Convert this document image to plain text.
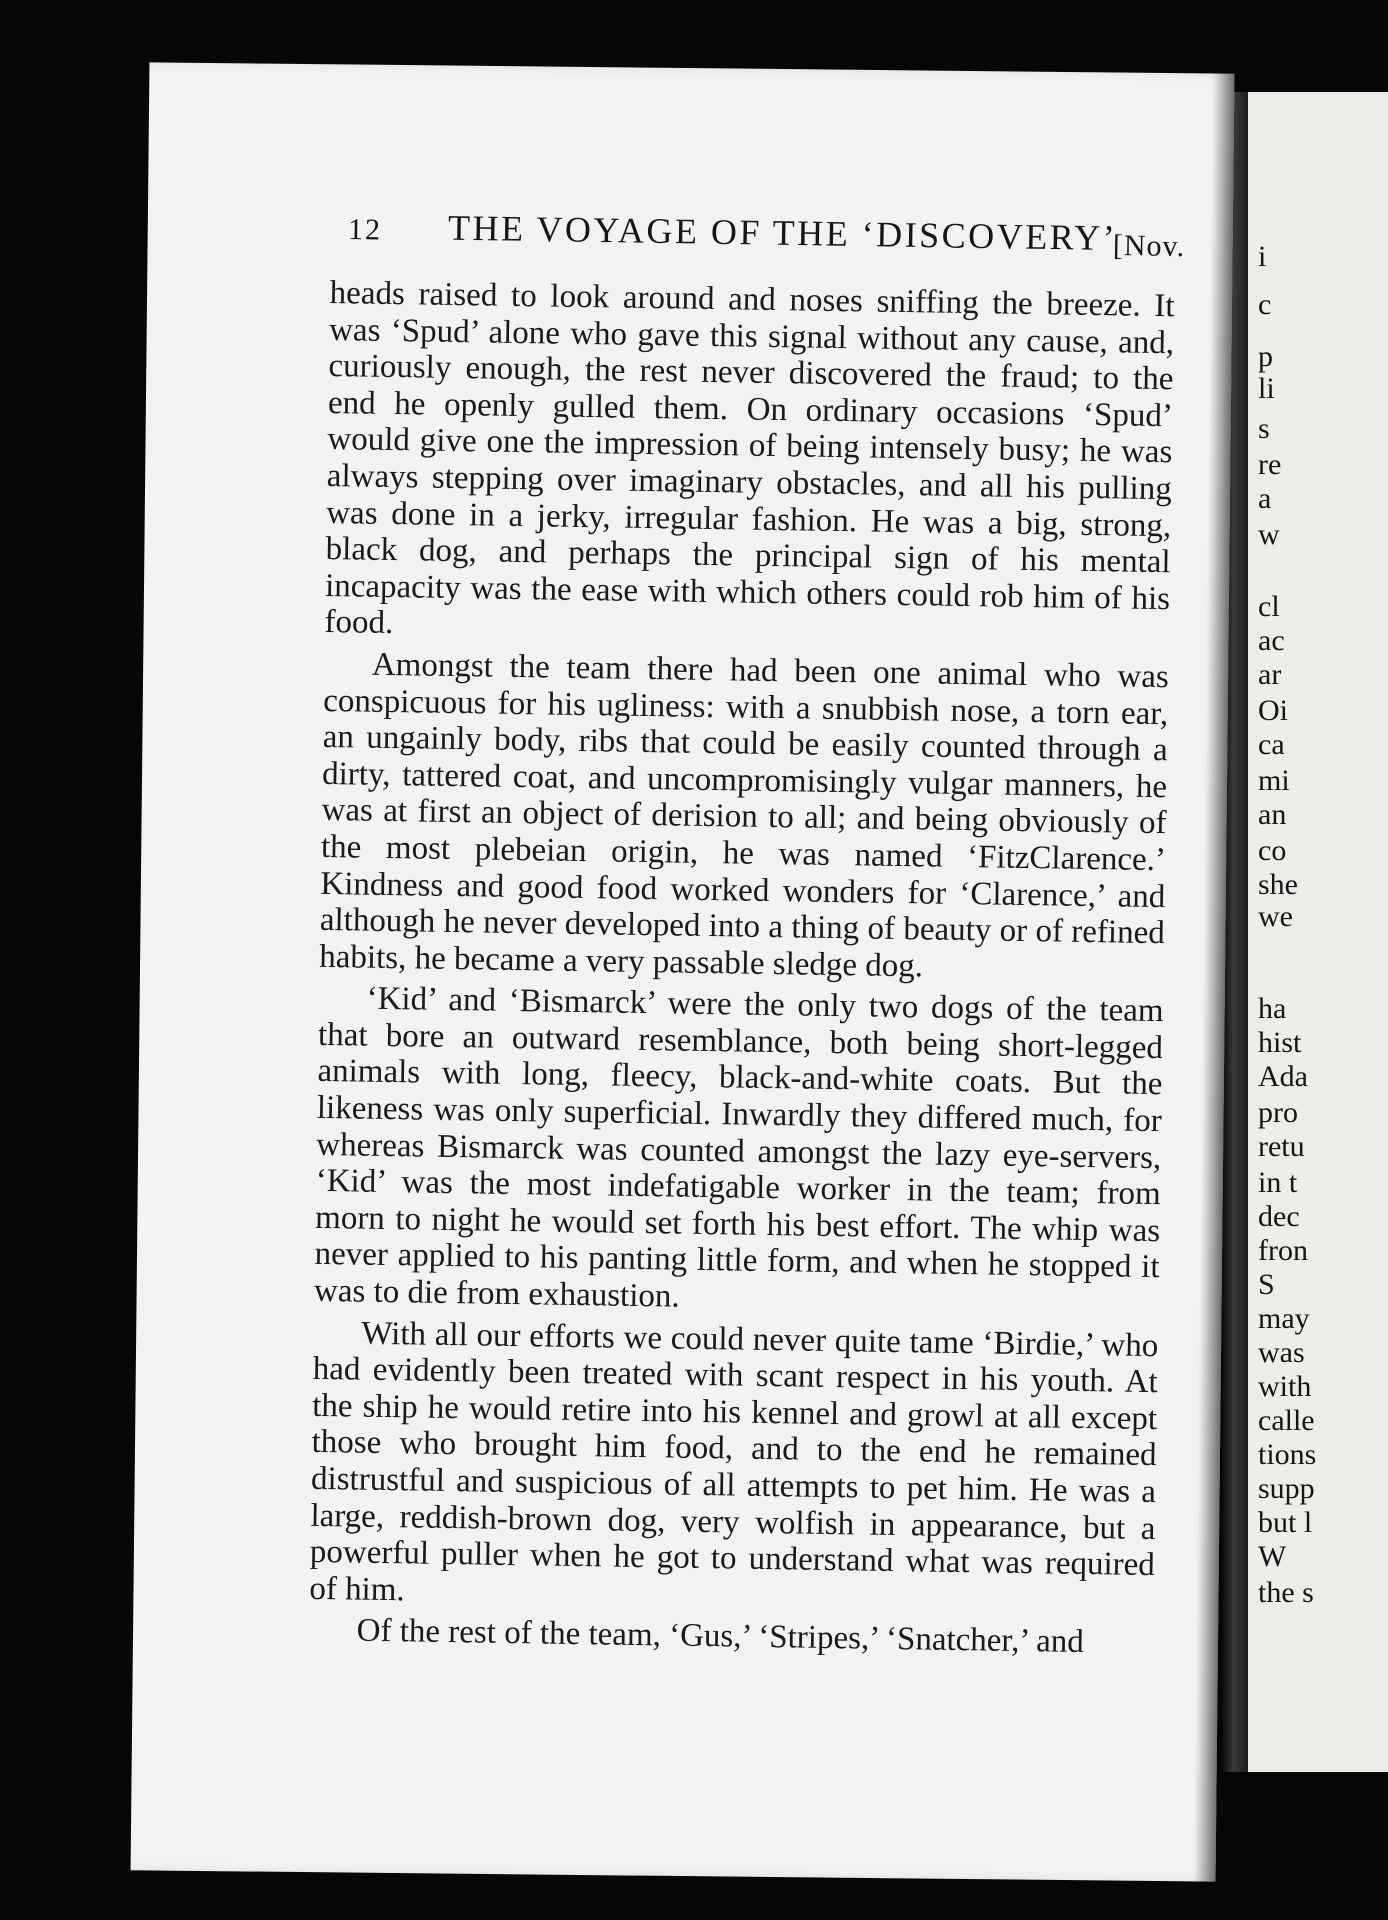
i
c
p
li
s
re
a
w
cl
ac
ar
Oi
ca
mi
an
co
she
we
ha
hist
Ada
pro
retu
in t
dec
fron
S
may
was
with
calle
tions
supp
but l
W
the s
12 THE VOYAGE OF THE ‘DISCOVERY’
[Nov.

heads raised to look around and noses sniffing the breeze. It was ‘Spud’ alone who gave this signal without any cause, and, curiously enough, the rest never discovered the fraud; to the end he openly gulled them. On ordinary occasions ‘Spud’ would give one the impression of being intensely busy; he was always stepping over imaginary obstacles, and all his pulling was done in a jerky, irregular fashion. He was a big, strong, black dog, and perhaps the principal sign of his mental incapacity was the ease with which others could rob him of his food.

Amongst the team there had been one animal who was conspicuous for his ugliness: with a snubbish nose, a torn ear, an ungainly body, ribs that could be easily counted through a dirty, tattered coat, and uncompromisingly vulgar manners, he was at first an object of derision to all; and being obviously of the most plebeian origin, he was named ‘FitzClarence.’ Kindness and good food worked wonders for ‘Clarence,’ and although he never developed into a thing of beauty or of refined habits, he became a very passable sledge dog.

‘Kid’ and ‘Bismarck’ were the only two dogs of the team that bore an outward resemblance, both being short-legged animals with long, fleecy, black-and-white coats. But the likeness was only superficial. Inwardly they differed much, for whereas Bismarck was counted amongst the lazy eye-servers, ‘Kid’ was the most indefatigable worker in the team; from morn to night he would set forth his best effort. The whip was never applied to his panting little form, and when he stopped it was to die from exhaustion.

With all our efforts we could never quite tame ‘Birdie,’ who had evidently been treated with scant respect in his youth. At the ship he would retire into his kennel and growl at all except those who brought him food, and to the end he remained distrustful and suspicious of all attempts to pet him. He was a large, reddish-brown dog, very wolfish in appearance, but a powerful puller when he got to understand what was required of him.

Of the rest of the team, ‘Gus,’ ‘Stripes,’ ‘Snatcher,’ and
